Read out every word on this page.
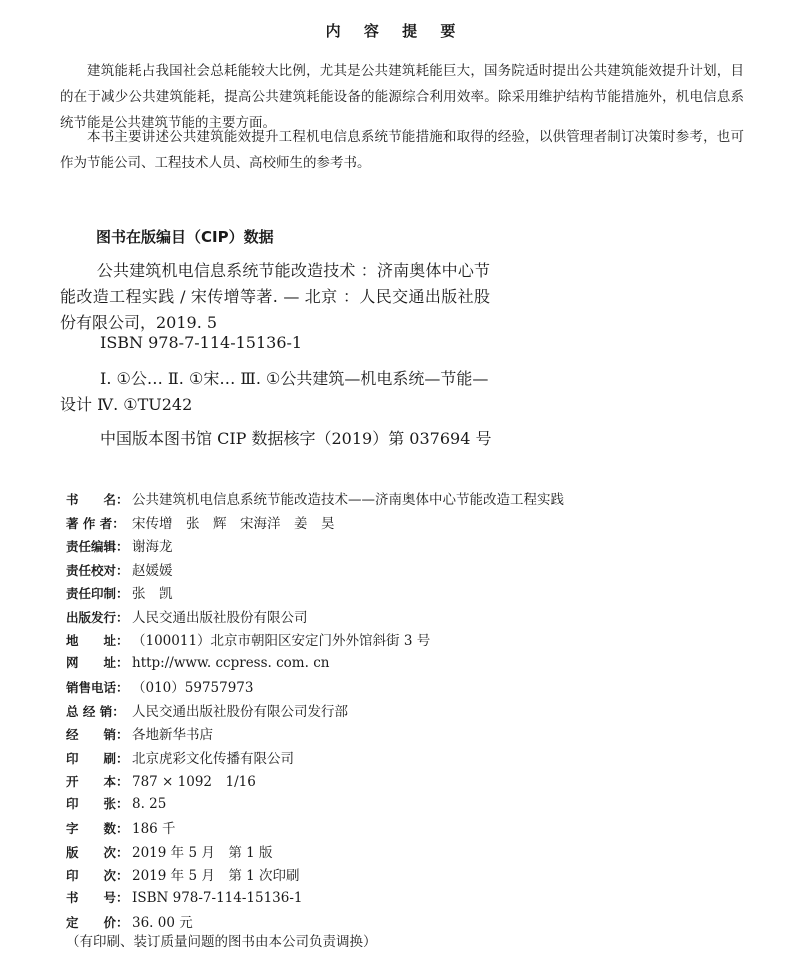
内 容 提 要

建筑能耗占我国社会总耗能较大比例，尤其是公共建筑耗能巨大，国务院适时提出公共建筑能效提升计划，目的在于减少公共建筑能耗，提高公共建筑耗能设备的能源综合利用效率。除采用维护结构节能措施外，机电信息系统节能是公共建筑节能的主要方面。

本书主要讲述公共建筑能效提升工程机电信息系统节能措施和取得的经验，以供管理者制订决策时参考，也可作为节能公司、工程技术人员、高校师生的参考书。

图书在版编目（CIP）数据

公共建筑机电信息系统节能改造技术 ：济南奥体中心节能改造工程实践 / 宋传增等著. — 北京 ：人民交通出版社股份有限公司，2019. 5

ISBN 978-7-114-15136-1

Ⅰ. ①公… Ⅱ. ①宋… Ⅲ. ①公共建筑—机电系统—节能—设计 Ⅳ. ①TU242

中国版本图书馆 CIP 数据核字（2019）第 037694 号
书　　名： 公共建筑机电信息系统节能改造技术——济南奥体中心节能改造工程实践
著 作 者： 宋传增　张　辉　宋海洋　姜　昊
责任编辑： 谢海龙
责任校对： 赵媛媛
责任印制： 张　凯
出版发行： 人民交通出版社股份有限公司
地　　址： （100011）北京市朝阳区安定门外外馆斜街 3 号
网　　址： http://www. ccpress. com. cn
销售电话： （010）59757973
总 经 销： 人民交通出版社股份有限公司发行部
经　　销： 各地新华书店
印　　刷： 北京虎彩文化传播有限公司
开　　本： 787 × 1092　1/16
印　　张： 8. 25
字　　数： 186 千
版　　次： 2019 年 5 月　第 1 版
印　　次： 2019 年 5 月　第 1 次印刷
书　　号： ISBN 978-7-114-15136-1
定　　价： 36. 00 元
（有印刷、装订质量问题的图书由本公司负责调换）
